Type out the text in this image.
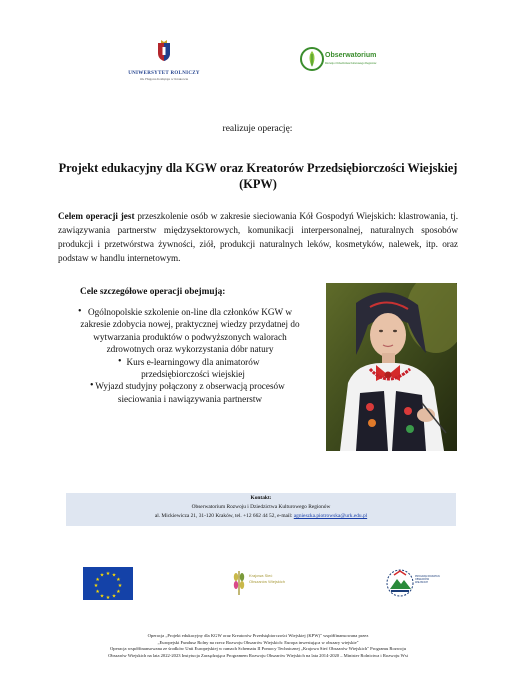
UNIWERSYTET ROLNICZY
im. Hugona Kołłątaja w Krakowie
Obserwatorium
Rozwoju i Dziedzictwa Kulturowego Regionów
realizuje operację:
Projekt edukacyjny dla KGW oraz Kreatorów Przedsiębiorczości Wiejskiej (KPW)
Celem operacji jest przeszkolenie osób w zakresie sieciowania Kół Gospodyń Wiejskich: klastrowania, tj. zawiązywania partnerstw międzysektorowych, komunikacji interpersonalnej, naturalnych sposobów produkcji i przetwórstwa żywności, ziół, produkcji naturalnych leków, kosmetyków, nalewek, itp. oraz podstaw w handlu internetowym.
Cele szczegółowe operacji obejmują:
• Ogólnopolskie szkolenie on-line dla członków KGW w zakresie zdobycia nowej, praktycznej wiedzy przydatnej do wytwarzania produktów o podwyższonych walorach zdrowotnych oraz wykorzystania dóbr natury
• Kurs e-learningowy dla animatorów przedsiębiorczości wiejskiej
• Wyjazd studyjny połączony z obserwacją procesów sieciowania i nawiązywania partnerstw
Kontakt:
Obserwatorium Rozwoju i Dziedzictwa Kulturowego Regionów
al. Mickiewicza 21, 31-120 Kraków, tel. +12 662 44 52, e-mail: agnieszka.piotrowska@urk.edu.pl
★ ★
★
★
★
★
★
★
★
★
★
★	Krajowa Sieć
Obszarów Wiejskich
PROGRAM ROZWOJU OBSZARÓW WIEJSKICH
Operacja „Projekt edukacyjny dla KGW oraz Kreatorów Przedsiębiorczości Wiejskiej (KPW)" współfinansowana przez
„Europejski Fundusz Rolny na rzecz Rozwoju Obszarów Wiejskich: Europa inwestująca w obszary wiejskie"
Operacja współfinansowana ze środków Unii Europejskiej w ramach Schematu II Pomocy Technicznej „Krajowa Sieć Obszarów Wiejskich" Programu Rozwoju
Obszarów Wiejskich na lata 2022-2023 Instytucja Zarządzająca Programem Rozwoju Obszarów Wiejskich na lata 2014-2020 – Minister Rolnictwa i Rozwoju Wsi
